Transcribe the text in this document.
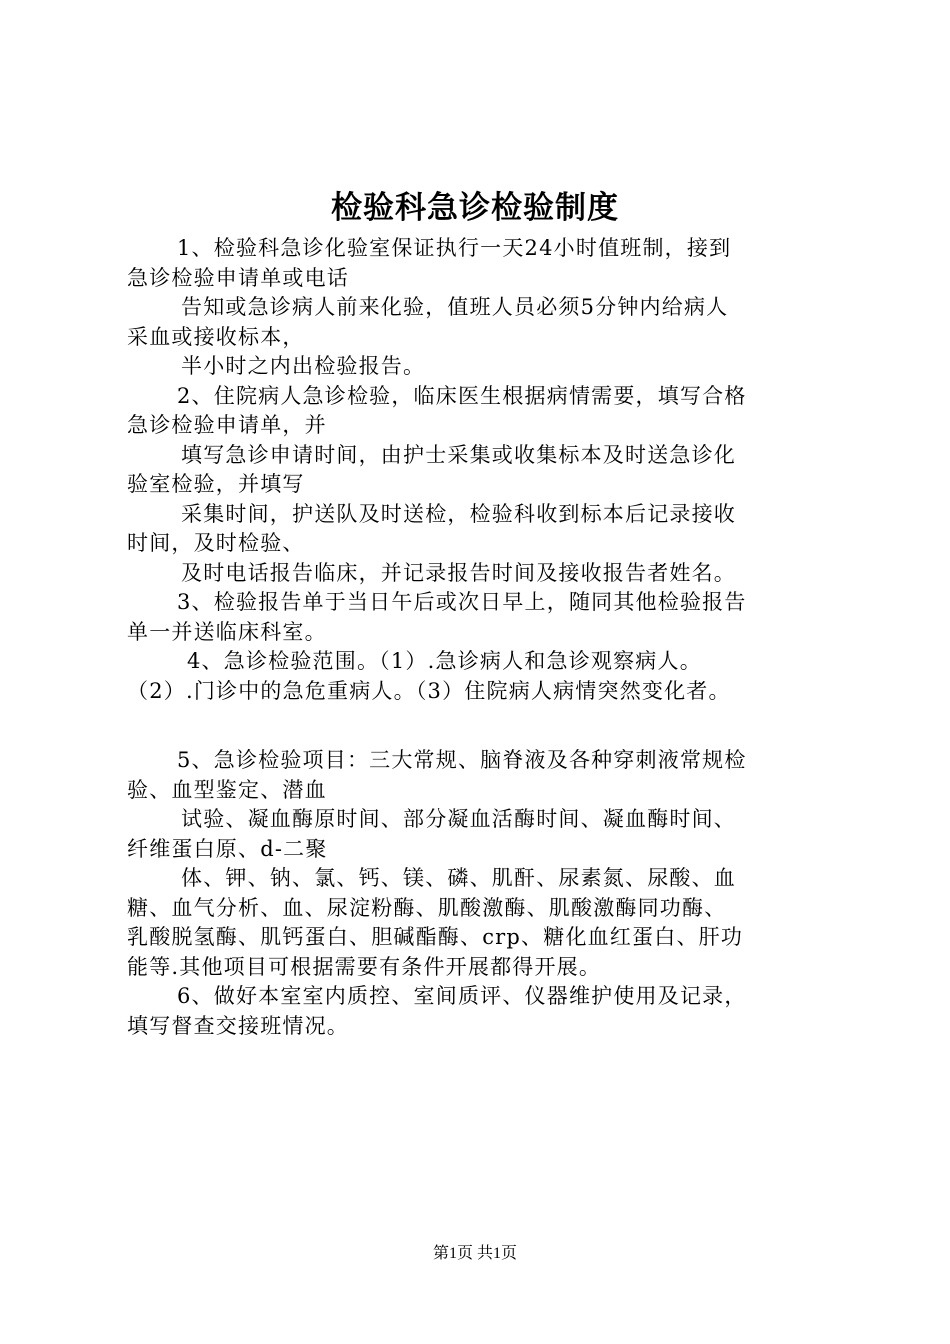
检验科急诊检验制度
1、检验科急诊化验室保证执行一天24小时值班制，接到
急诊检验申请单或电话
告知或急诊病人前来化验，值班人员必须5分钟内给病人
采血或接收标本，
半小时之内出检验报告。
2、住院病人急诊检验，临床医生根据病情需要，填写合格
急诊检验申请单，并
填写急诊申请时间，由护士采集或收集标本及时送急诊化
验室检验，并填写
采集时间，护送队及时送检，检验科收到标本后记录接收
时间，及时检验、
及时电话报告临床，并记录报告时间及接收报告者姓名。
3、检验报告单于当日午后或次日早上，随同其他检验报告
单一并送临床科室。
4、急诊检验范围。（1）.急诊病人和急诊观察病人。
（2）.门诊中的急危重病人。（3）住院病人病情突然变化者。
5、急诊检验项目：三大常规、脑脊液及各种穿刺液常规检
验、血型鉴定、潜血
试验、凝血酶原时间、部分凝血活酶时间、凝血酶时间、
纤维蛋白原、d-二聚
体、钾、钠、氯、钙、镁、磷、肌酐、尿素氮、尿酸、血
糖、血气分析、血、尿淀粉酶、肌酸激酶、肌酸激酶同功酶、
乳酸脱氢酶、肌钙蛋白、胆碱酯酶、crp、糖化血红蛋白、肝功
能等.其他项目可根据需要有条件开展都得开展。
6、做好本室室内质控、室间质评、仪器维护使用及记录，
填写督查交接班情况。
第1页 共1页
